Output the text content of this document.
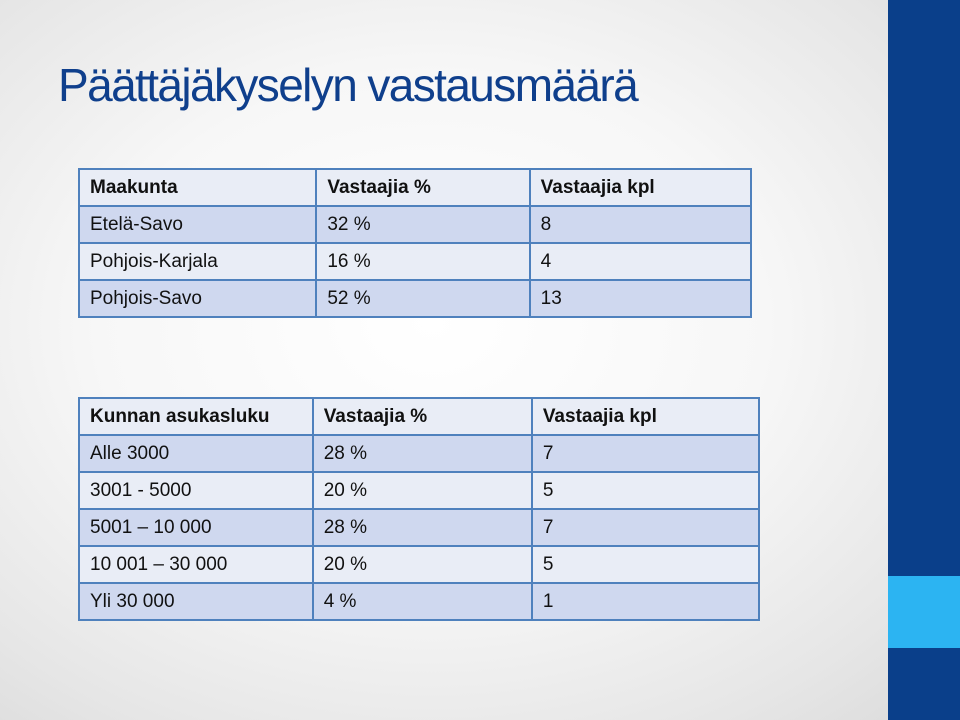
Päättäjäkyselyn vastausmäärä
Maakunta	Vastaajia %	Vastaajia kpl
Etelä-Savo	32 %	8
Pohjois-Karjala	16 %	4
Pohjois-Savo	52 %	13
Kunnan asukasluku	Vastaajia %	Vastaajia kpl
Alle 3000	28 %	7
3001 - 5000	20 %	5
5001 – 10 000	28 %	7
10 001 – 30 000	20 %	5
Yli 30 000	4 %	1
